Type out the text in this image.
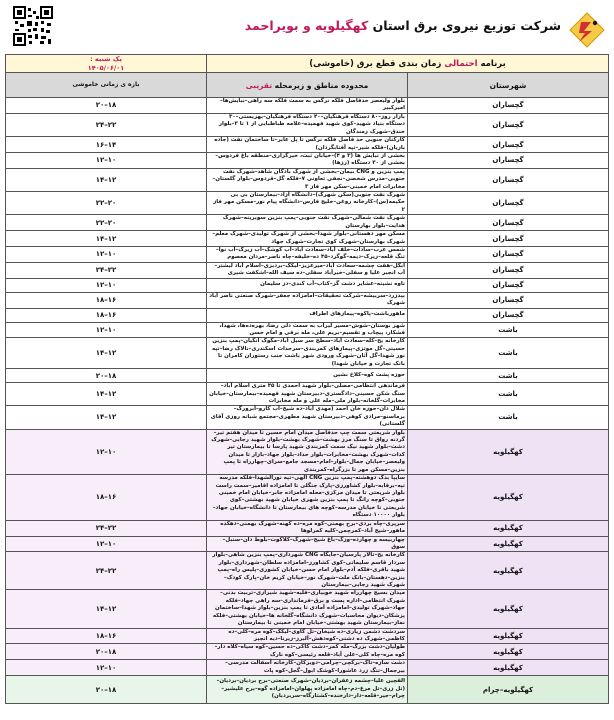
شرکت توزیع نیروی برق استان کهگیلویه و بویراحمد
برنامه احتمالی زمان بندی قطع برق (خاموشی)		یک شنبه :
۱۴۰۵/۰۶/۰۱
شهرستان	محدوده مناطق و زیرمحله تقریبی	بازه ی زمانی خاموشی
گچساران	بلوار ولیعصر حدفاصل فلکه نرگس به سمت فلکه سه راهی–نبایش‌ها–امیرکبیر	۲۰–۱۸
گچساران	بازار روز–۸۰ دستگاه فرهنگیان–۴۰ دستگاه فرهنگیان–بهزیستی–۳۰ دستگاه بنیاد شهید–کوی شهید فهمیده–علامه طباطبایی از ۱ تا ۳–بلوار خندق–شهرک زمندگان	۲۴–۲۲
گچساران	کارکنان جنوبی حد فاصل فلکه نرگس تا پل عابر–تا ساختمان نفت (جاده بازیان)–فلکه شیر–تپه آفتابگردان)	۱۶–۱۴
گچساران	بخشی از نبایش ها (۳ و ۴)–خیابان ثبت، خیرگزاری–منطقه باغ فردوس–بخشی از ۳۰ دستگاه (رزها)	۱۲–۱۰
گچساران	پمپ بنزین و CNG بیمان–بخشی از شهرک بادگان شاهد–شهرک نفت جنوبی–مدرس شخصی–نجفی تعاونی ۷–فلکه گل–فردوس–بلوار گلستان–مخابرات امام خمینی–سکن مهر فاز ۳	۱۴–۱۲
گچساران	شهرک نفت جنوبی(سکن شهرک)–دانشگاه آزاد–بیمارستان بی بی حکیمه(س)–کارخانه روغن–خلیج فارس–دانشگاه پیام نور–مسکن مهر فاز ۲	۲۲–۲۰
گچساران	شهرک نفت شمالی–شهرک نفت جنوبی–پمپ بنزین سوبرینه–شهرک هدایت–بلوار بهارستان	۲۲–۲۰
گچساران	مسکن مهر دهستانی–بلوار شهدا–بخشی از شهرک تولیدی–شهرک معلم–شهرک بهارستان–شهرک کوی تجارت–شهرک جهاد	۱۴–۱۲
گچساران	شمس عرب–سادات–خلف آباد–سعادت آباد–آب کوشک–آب زیرک–آب نوا–تنگ قلعه–زیرک–دیمه–گوگرد–۴۵ ده–خلیفه–چاه ناصر–مردان معصوم	۱۲–۱۰
گچساران	آبگل–هفت چشمه–سعادت آباد–میرعزیز–لیکک–بردیزی–اسلام آباد لیشتر–آب انجیر علیا و سفلی–خیرآباد سفلی–ده سیف الله–اشکفت شیری	۲۴–۲۲
گچساران	تاوه نشینه–عشایر دشت گز–کتاب–آب کندی–دز سلیمان	۱۲–۱۰
گچساران	بیدزرد–سربیشه–شرکت تحقیقات–امامزاده جعفر–شهرک صنعتی ناصر آباد شهرک	۱۸–۱۶
گچساران	ماهورباشت–پاکوه–پیمازهای اطراف	۱۸–۱۶
باشت	شهر بوستان–شوش–مسیر لیراب به سمت دلی رضا، بهره‌ده‌ها، شهدا، فشکار، پیچاب و تقسیم–بریم علی، مله برفی و امام حسن	۱۲–۱۰
باشت	کارخانه یخ–کله–سعادت آباد–سطح سر سیل آباد–مگوک آنگیان–پمپ بنزین حسینی–گل موتزی–پیمازهای کمربندی–سرحداث اسکندری–نالاک رضا–تپه نور شهدا–گل آثان–شهرک ورودی شهر باشت جنب رستوران کامران تا بانک تجارت و خیابان شهدا)	۱۴–۱۲
باشت	حوزه پشت کوه–کلاخ نشین	۲۰–۱۸
باشت	فرماندهی انتظامی–مصلی–بلوار شهید احمدی تا ۴۵ متری اسلام آباد–سنگ شکن حسینی–دادگستری–دبیرستان شهید فهمیده–بیمارستان–خیابان مخابرات–گلخانه–بلوار ملی–مله علی و مله مخابرات	۱۴–۱۲
باشت	شلال دان–حوزه خان احمد (مهدی آباد–ده شیخ–آب کارو–آبرورگ–برماسنو–مرادی کوهی–دبیرستان شهید مطهری–مجتمع شبانه روزی آقای گلستانی)	۱۴–۱۲
کهگیلویه	بلوار شریعتی سمت چپ حدفاصل میدان امام حسین تا میدان هفتم تیر–گردنه رواق تا سنگ مرز بهشت–شهرک بهشت–بلوار شهید رجایی–شهرک دشت–بلوار شهید نیک سمت کمربندی شهید پارسا تا بیمارستان تیر کدات–شهرک بهشت–مخابرات–بلوار حداد–بلوار جهاد–بازار تا میدان ولیعصر–خیابان جمال–بلوار–امام–مسجد جامع–سرای–چهارراه تا پمپ بنزین–مسکن مهر تا بزرگراه–کمربندی	۱۲–۱۰
کهگیلویه	سایپا بدک دوهشته–پمپ بنزین CNG الهی–تپه نورالشهدا–فلکه مدرسه تپه–برقابه–بلوار کشاورزی–پارک جنگلی تا امامزاده اقامیر–سمت راست بلوار شریعتی تا میدان مرکزی–محله امامزاده جابر–خیابان امام خمینی جنوبی–کوچه رانگ تا پمپ بنزین شهری خیابان شهید بهشتی–کوی شریعتی تا خیابان مدرسه–کوچه های بیمارستان تا دانشگاه–خیابان جهاد–بلوار ۱۰۰۰۰ دستگاه	۱۸–۱۶
کهگیلویه	سرپری–چاه بردی–برج بهمنی–کوه مره–ده کهنه–شهرک بهمنی–دهکده ماهور–شیخ آباد–کمرچمن–کلیه کمرلوها	۲۴–۲۲
کهگیلویه	چهاربیسه و چهارده–وزک–باغ شیخ–شهرک–کلاکوت–بلوط دان–سنبل–سوق	۱۲–۱۰
کهگیلویه	کارخانه یخ–تالار پارسیان–جایگاه CNG شهرداری–پمپ بنزین شاهی–بلوار سردار قاسم سلیمانی–کوی کشاورز–امامزاده سلطان–شهرداری–بلوار شهید باقری–فلکه آدم–بلوار امام حسن–خیابان کشوری–پلیس راه–پمپ بنزین–دهستان–بانک ملت–شهرک نور–خیابان کریم خان–پارک کودک–شهرک شهید رجایی–بیمارستان	۲۴–۲۲
کهگیلویه	میدان بسیج چهارراه شهید خوبیاری–فلیه–شهید شیرازی–تربیت بدنی–شهرک انتظامی–اداره پست و برق–فرمانداری–سه راهی جهاد–فلکه جهاد–شهرک تولیدی–امامزاده آمادی تا پمپ بنزین–بلوار شهدا–ساختمان پزشکان–دیوان محاسبات–شهرک دانشگاه–گلخانه ها–خیابان بهشتی–فلکه نماز–بیمارستان شهید بهشتی–خیابان امام خمینی تا بیمارستان	۱۴–۱۲
کهگیلویه	سردشت دشمن زیاری–ده شیخان–تل گاوی–لیکک–کوه مره–کلی–ده کاظمی–شهرک ده دشتی–کوه‌دهش–آلبرز–زیرنا–دیه انجیر	۱۸–۱۶
کهگیلویه	طولیان–دشت بزرگ–مله کمر–دشت کاکی–ده حسین–کوه سیاه–کلاه دار–کوه مره–چاه کلی–علی آباد–قلعه رئیسی–کوه نارک	۲۰–۱۸
کهگیلویه	دشت سازه–تاک–برکچی–چرامی–دوبرکان–کارخانه آسفالت مدرسی–بیرجمال–تنگ زرد عاشورا–کوشک ابول–گجل–کوه پات	۱۲–۱۰
کهگیلویه–چرام	القچین علیا–چشمه زعفران–بردیان–شهرک صنعتی–برج بردیان–بردیان–(تل زری–تل مرغ–دم–چاه امامزاده پهلوان–امامزاده گوه–برج علیشیر–چرام–جیر–قلعه–دار–دارخنده–کشتارگاه–سربردبان)	۲۰–۱۸
